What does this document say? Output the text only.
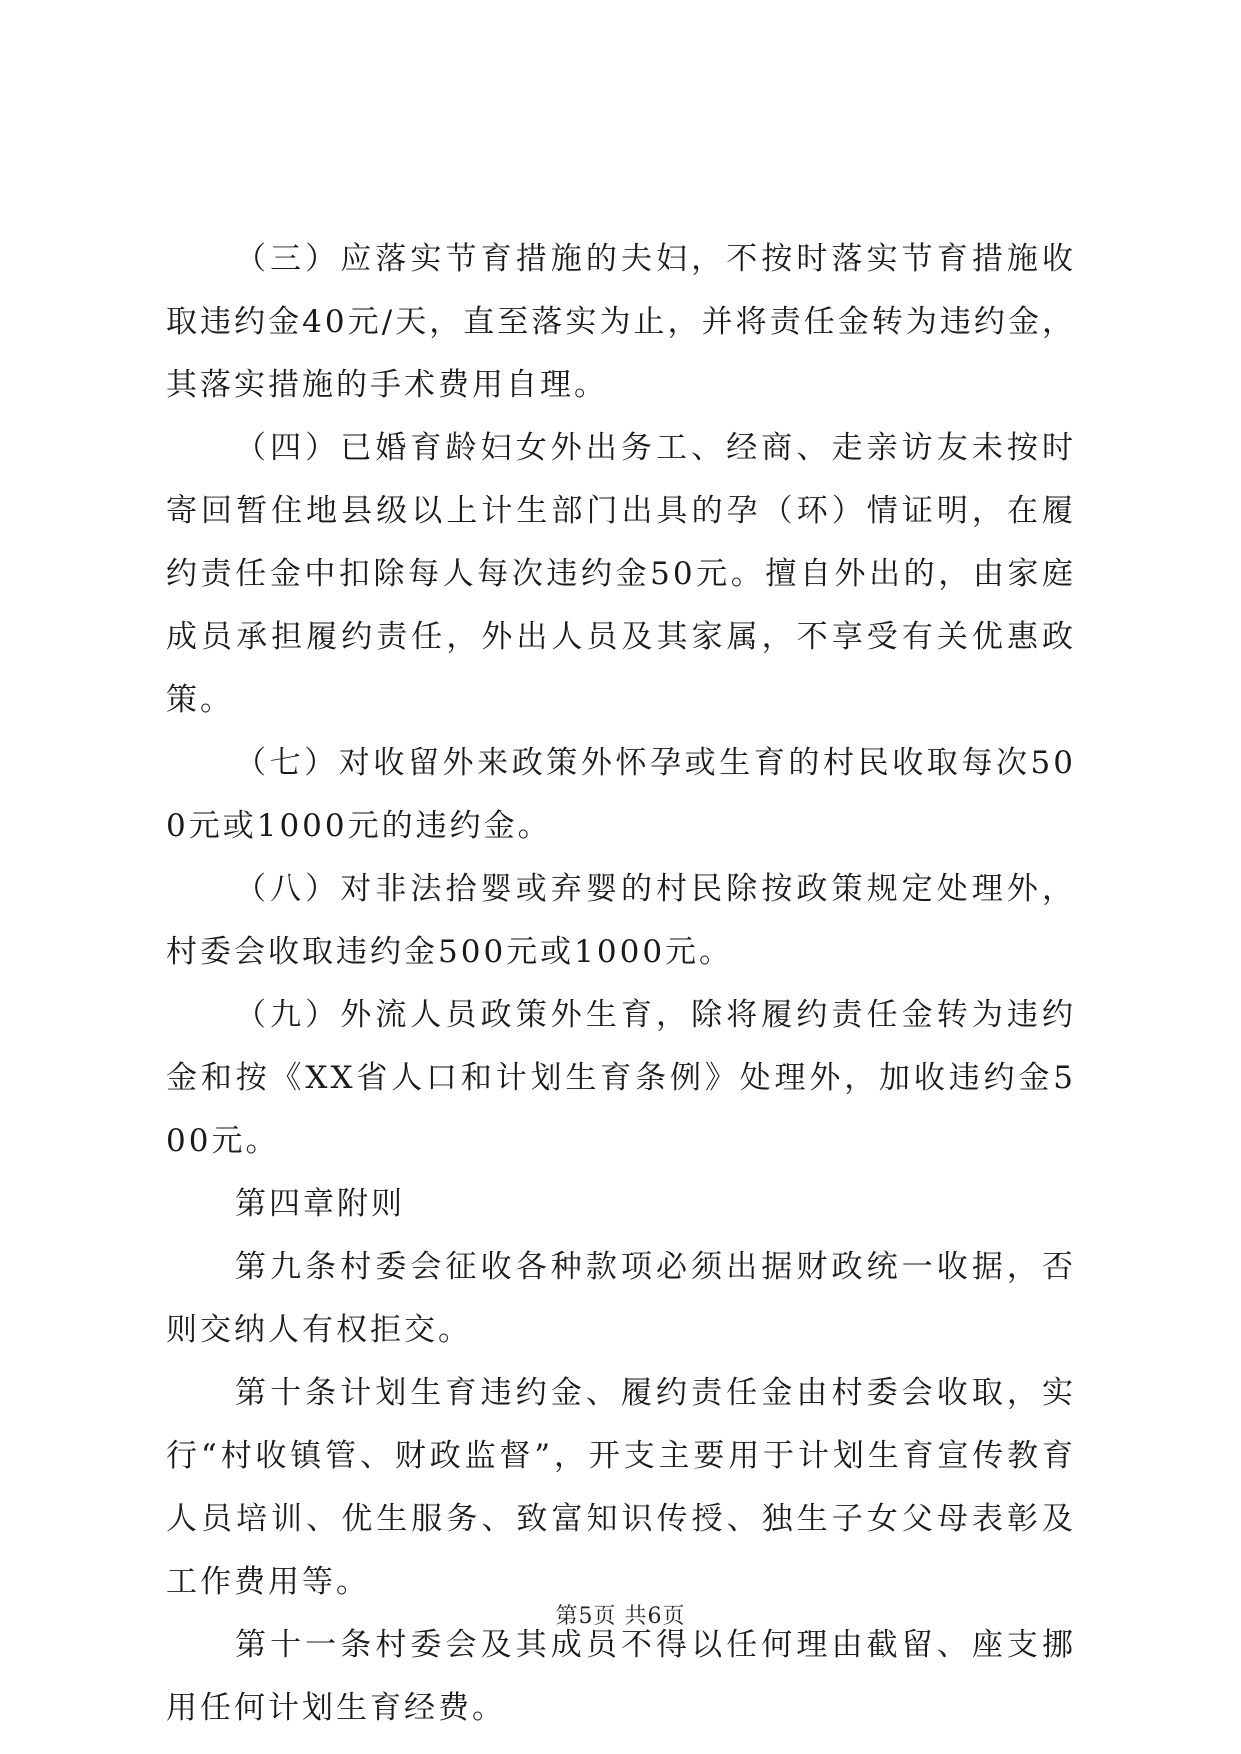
（三）应落实节育措施的夫妇，不按时落实节育措施收取违约金40元/天，直至落实为止，并将责任金转为违约金，其落实措施的手术费用自理。

（四）已婚育龄妇女外出务工、经商、走亲访友未按时寄回暂住地县级以上计生部门出具的孕（环）情证明，在履约责任金中扣除每人每次违约金50元。擅自外出的，由家庭成员承担履约责任，外出人员及其家属，不享受有关优惠政策。

（七）对收留外来政策外怀孕或生育的村民收取每次500元或1000元的违约金。

（八）对非法拾婴或弃婴的村民除按政策规定处理外，村委会收取违约金500元或1000元。

（九）外流人员政策外生育，除将履约责任金转为违约金和按《XX省人口和计划生育条例》处理外，加收违约金500元。

第四章附则

第九条村委会征收各种款项必须出据财政统一收据，否则交纳人有权拒交。

第十条计划生育违约金、履约责任金由村委会收取，实行“村收镇管、财政监督”，开支主要用于计划生育宣传教育人员培训、优生服务、致富知识传授、独生子女父母表彰及工作费用等。

第十一条村委会及其成员不得以任何理由截留、座支挪用任何计划生育经费。

第5页 共6页
